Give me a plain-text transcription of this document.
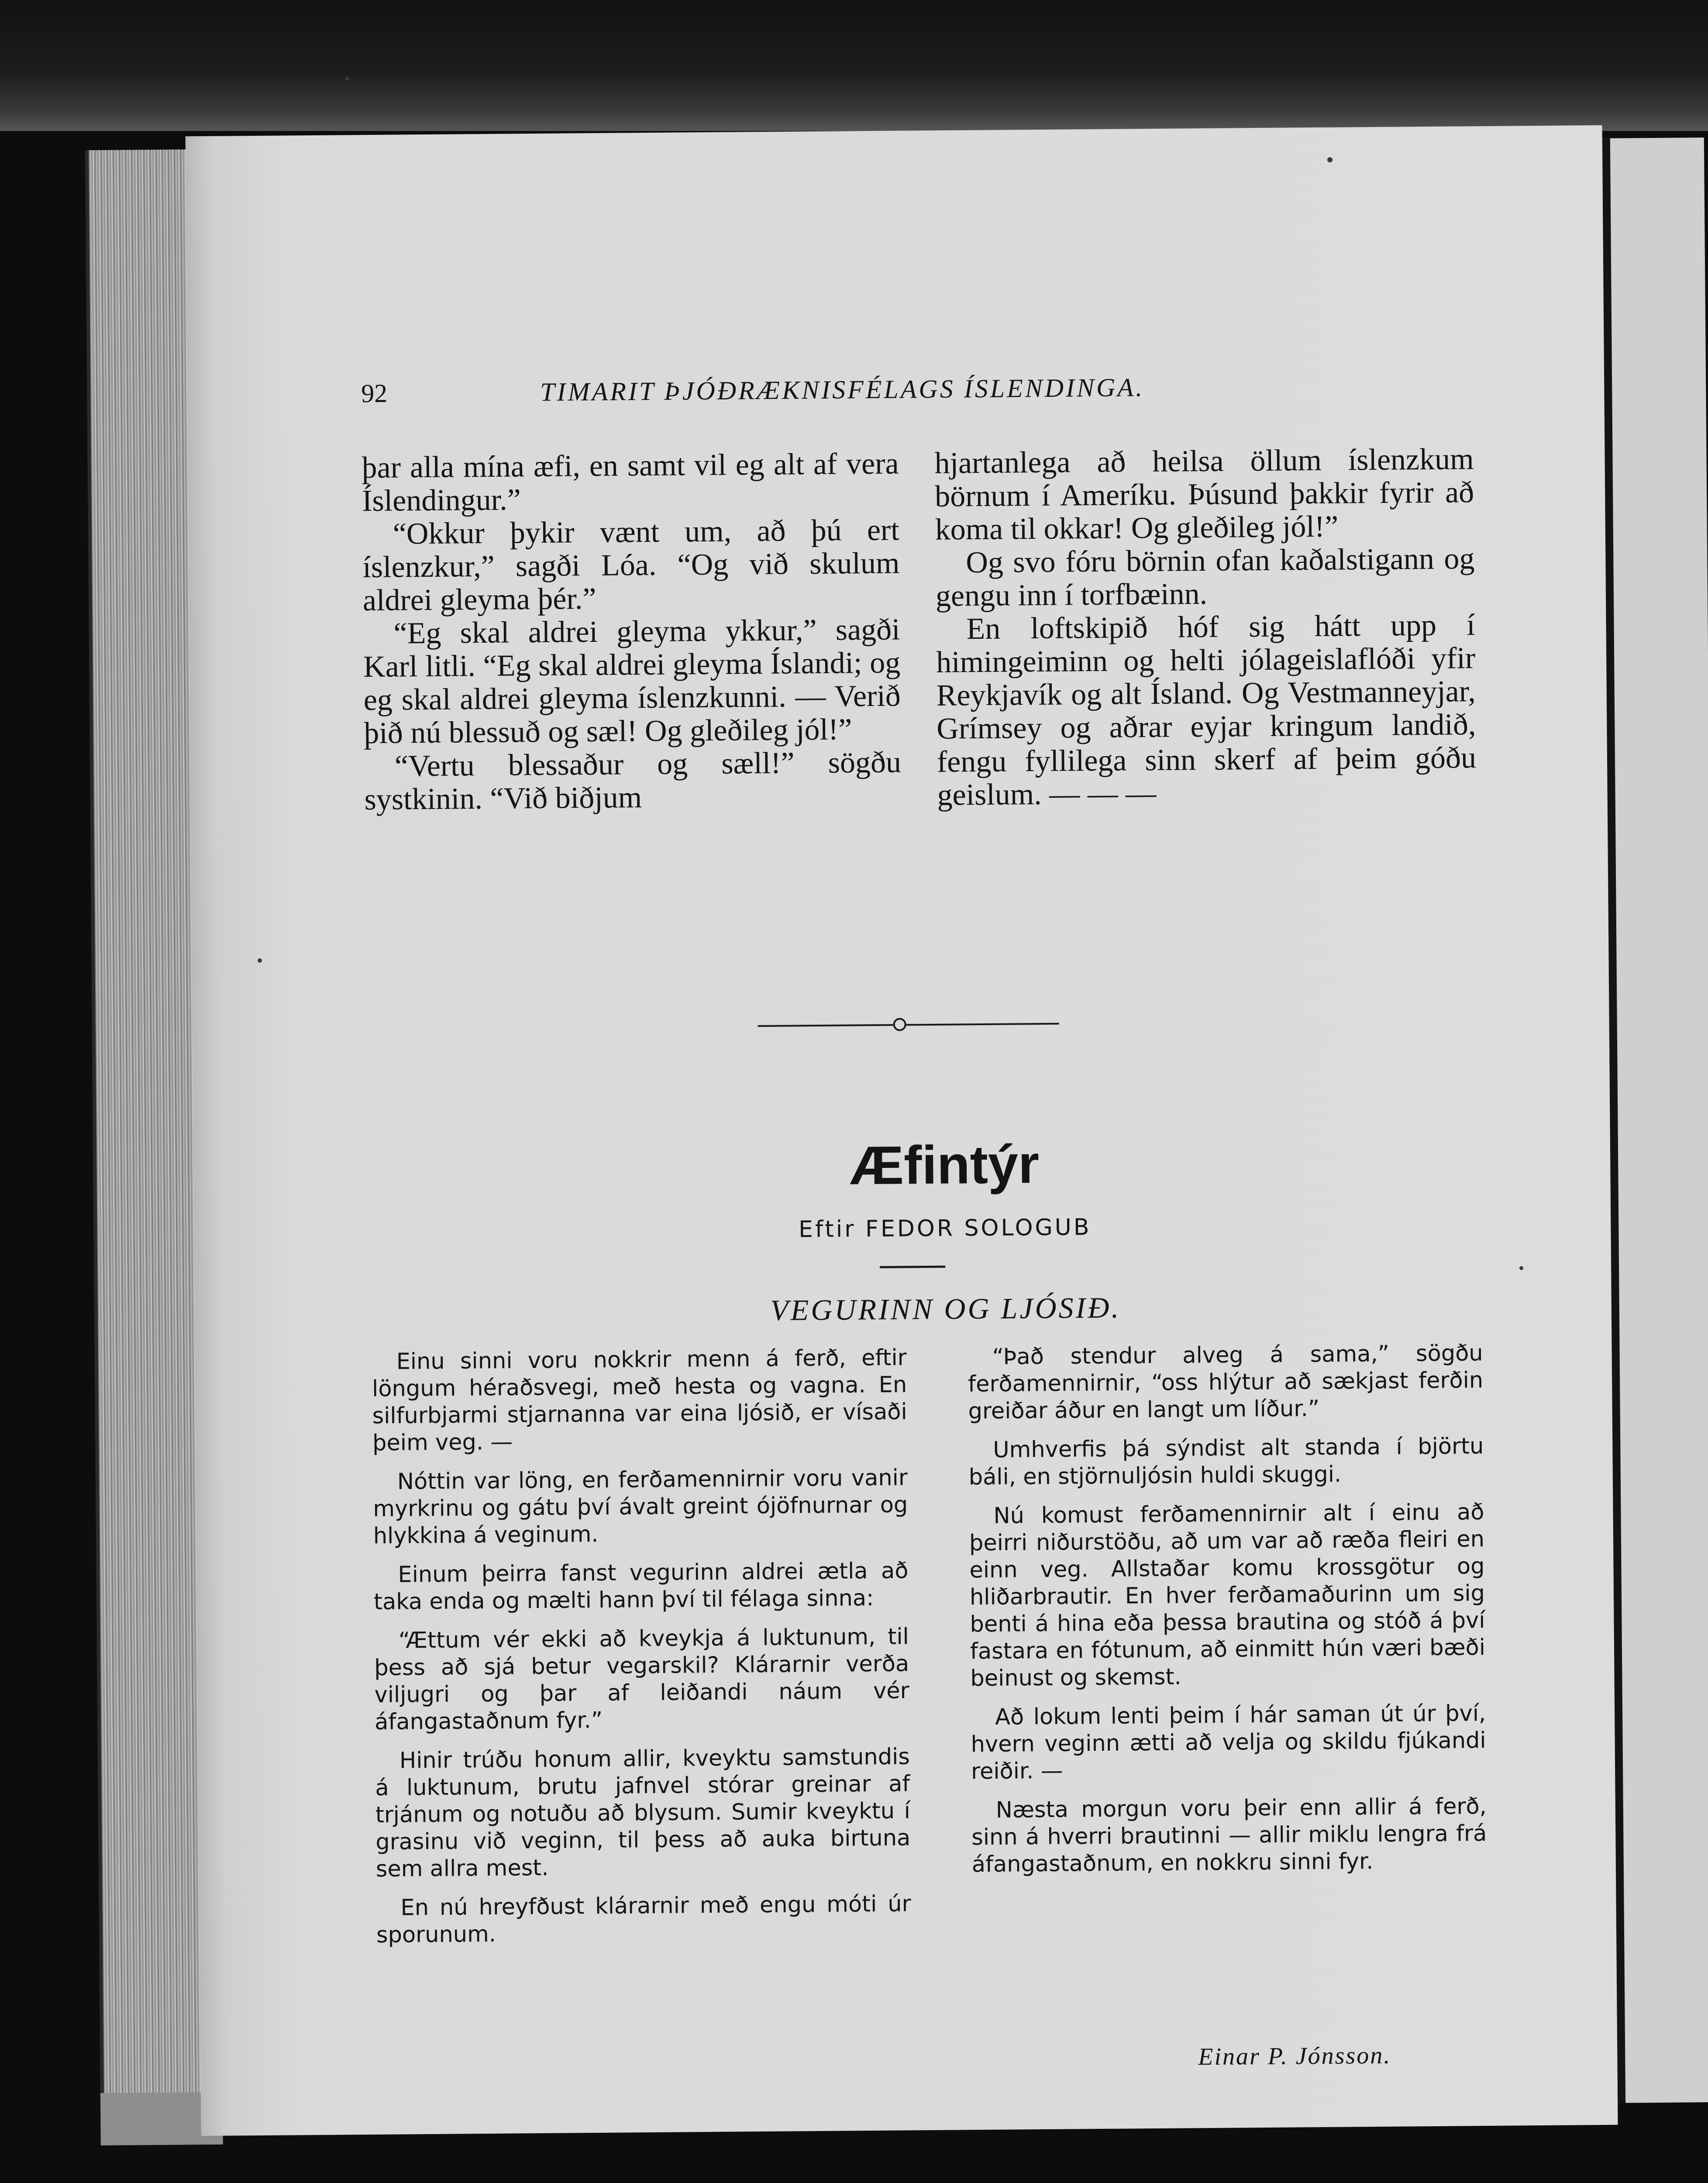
92	TIMARIT ÞJÓÐRÆKNISFÉLAGS ÍSLENDINGA.

þar alla mína æfi, en samt vil eg alt af vera Íslendingur.”

“Okkur þykir vænt um, að þú ert íslenzkur,” sagði Lóa. “Og við skulum aldrei gleyma þér.”

“Eg skal aldrei gleyma ykkur,” sagði Karl litli. “Eg skal aldrei gleyma Íslandi; og eg skal aldrei gleyma íslenzkunni. — Verið þið nú blessuð og sæl! Og gleðileg jól!”

“Vertu blessaður og sæll!” sögðu systkinin. “Við biðjum

hjartanlega að heilsa öllum íslenzkum börnum í Ameríku. Þúsund þakkir fyrir að koma til okkar! Og gleðileg jól!”

Og svo fóru börnin ofan kaðalstigann og gengu inn í torfbæinn.

En loftskipið hóf sig hátt upp í himingeiminn og helti jólageislaflóði yfir Reykjavík og alt Ísland. Og Vestmanneyjar, Grímsey og aðrar eyjar kringum landið, fengu fyllilega sinn skerf af þeim góðu geislum. — — —

Æfintýr
Eftir FEDOR SOLOGUB
VEGURINN OG LJÓSIÐ.

Einu sinni voru nokkrir menn á ferð, eftir löngum héraðsvegi, með hesta og vagna. En silfurbjarmi stjarnanna var eina ljósið, er vísaði þeim veg. —

Nóttin var löng, en ferðamennirnir voru vanir myrkrinu og gátu því ávalt greint ójöfnurnar og hlykkina á veginum.

Einum þeirra fanst vegurinn aldrei ætla að taka enda og mælti hann því til félaga sinna:

“Ættum vér ekki að kveykja á luktunum, til þess að sjá betur vegarskil? Klárarnir verða viljugri og þar af leiðandi náum vér áfangastaðnum fyr.”

Hinir trúðu honum allir, kveyktu samstundis á luktunum, brutu jafnvel stórar greinar af trjánum og notuðu að blysum. Sumir kveyktu í grasinu við veginn, til þess að auka birtuna sem allra mest.

En nú hreyfðust klárarnir með engu móti úr sporunum.

“Það stendur alveg á sama,” sögðu ferðamennirnir, “oss hlýtur að sækjast ferðin greiðar áður en langt um líður.”

Umhverfis þá sýndist alt standa í björtu báli, en stjörnuljósin huldi skuggi.

Nú komust ferðamennirnir alt í einu að þeirri niðurstöðu, að um var að ræða fleiri en einn veg. Allstaðar komu krossgötur og hliðarbrautir. En hver ferðamaðurinn um sig benti á hina eða þessa brautina og stóð á því fastara en fótunum, að einmitt hún væri bæði beinust og skemst.

Að lokum lenti þeim í hár saman út úr því, hvern veginn ætti að velja og skildu fjúkandi reiðir. —

Næsta morgun voru þeir enn allir á ferð, sinn á hverri brautinni — allir miklu lengra frá áfangastaðnum, en nokkru sinni fyr.

Einar P. Jónsson.
